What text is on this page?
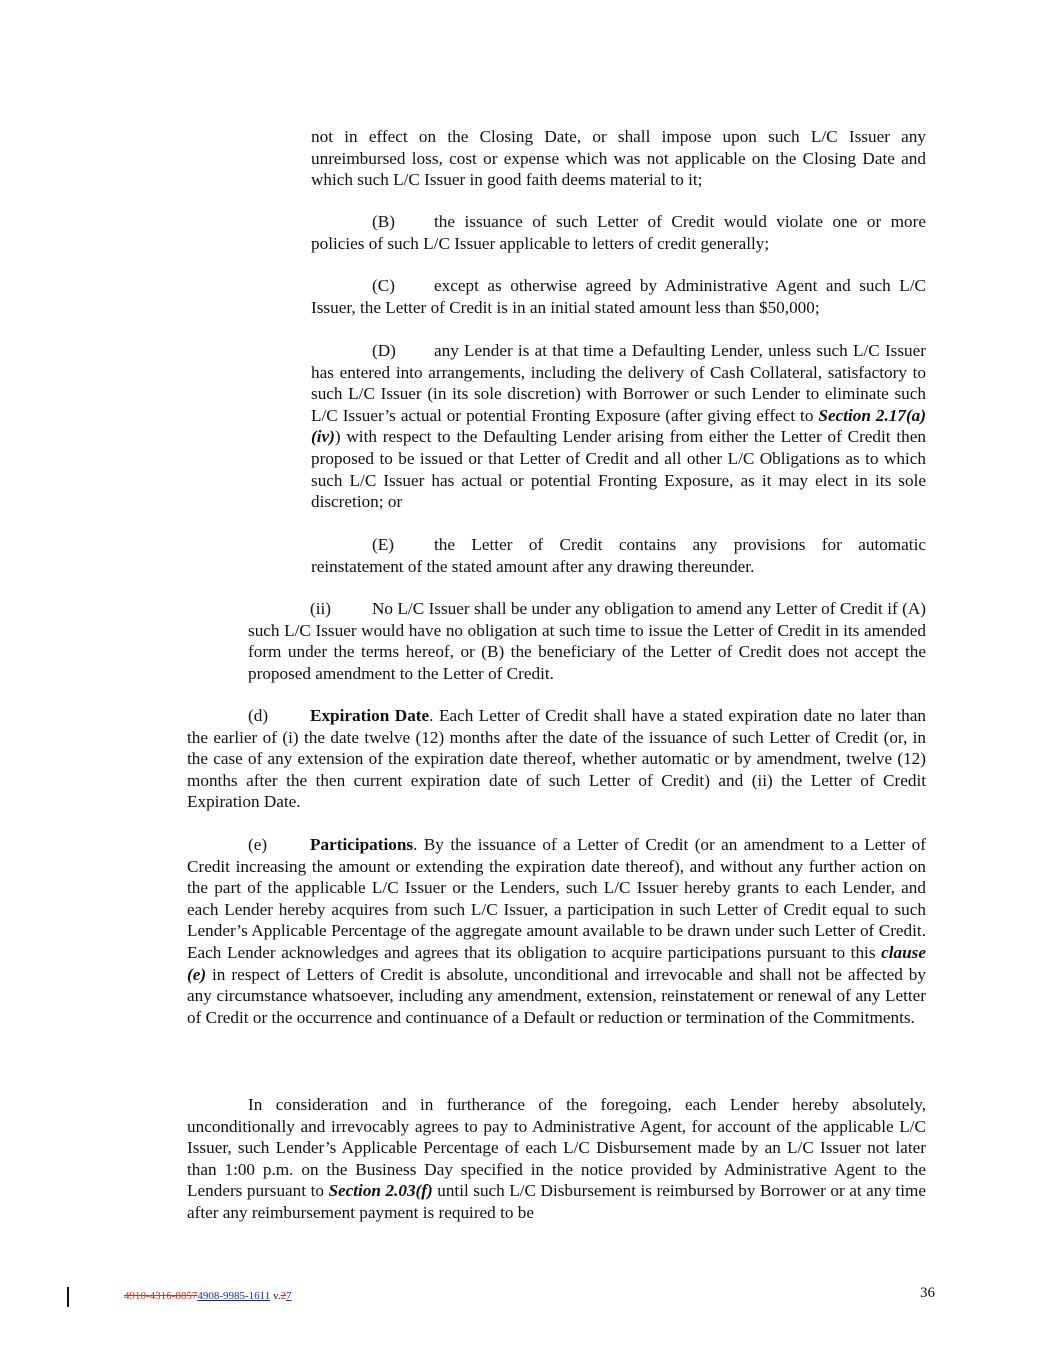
not in effect on the Closing Date, or shall impose upon such L/C Issuer any unreimbursed loss, cost or expense which was not applicable on the Closing Date and which such L/C Issuer in good faith deems material to it;

(B) the issuance of such Letter of Credit would violate one or more policies of such L/C Issuer applicable to letters of credit generally;

(C) except as otherwise agreed by Administrative Agent and such L/C Issuer, the Letter of Credit is in an initial stated amount less than $50,000;

(D) any Lender is at that time a Defaulting Lender, unless such L/C Issuer has entered into arrangements, including the delivery of Cash Collateral, satisfactory to such L/C Issuer (in its sole discretion) with Borrower or such Lender to eliminate such L/C Issuer’s actual or potential Fronting Exposure (after giving effect to Section 2.17(a)(iv)) with respect to the Defaulting Lender arising from either the Letter of Credit then proposed to be issued or that Letter of Credit and all other L/C Obligations as to which such L/C Issuer has actual or potential Fronting Exposure, as it may elect in its sole discretion; or

(E) the Letter of Credit contains any provisions for automatic reinstatement of the stated amount after any drawing thereunder.

(ii) No L/C Issuer shall be under any obligation to amend any Letter of Credit if (A) such L/C Issuer would have no obligation at such time to issue the Letter of Credit in its amended form under the terms hereof, or (B) the beneficiary of the Letter of Credit does not accept the proposed amendment to the Letter of Credit.

(d) Expiration Date. Each Letter of Credit shall have a stated expiration date no later than the earlier of (i) the date twelve (12) months after the date of the issuance of such Letter of Credit (or, in the case of any extension of the expiration date thereof, whether automatic or by amendment, twelve (12) months after the then current expiration date of such Letter of Credit) and (ii) the Letter of Credit Expiration Date.

(e) Participations. By the issuance of a Letter of Credit (or an amendment to a Letter of Credit increasing the amount or extending the expiration date thereof), and without any further action on the part of the applicable L/C Issuer or the Lenders, such L/C Issuer hereby grants to each Lender, and each Lender hereby acquires from such L/C Issuer, a participation in such Letter of Credit equal to such Lender’s Applicable Percentage of the aggregate amount available to be drawn under such Letter of Credit. Each Lender acknowledges and agrees that its obligation to acquire participations pursuant to this clause (e) in respect of Letters of Credit is absolute, unconditional and irrevocable and shall not be affected by any circumstance whatsoever, including any amendment, extension, reinstatement or renewal of any Letter of Credit or the occurrence and continuance of a Default or reduction or termination of the Commitments.

In consideration and in furtherance of the foregoing, each Lender hereby absolutely, unconditionally and irrevocably agrees to pay to Administrative Agent, for account of the applicable L/C Issuer, such Lender’s Applicable Percentage of each L/C Disbursement made by an L/C Issuer not later than 1:00 p.m. on the Business Day specified in the notice provided by Administrative Agent to the Lenders pursuant to Section 2.03(f) until such L/C Disbursement is reimbursed by Borrower or at any time after any reimbursement payment is required to be

4910-4316-88574908-9985-1611 v.27	36
